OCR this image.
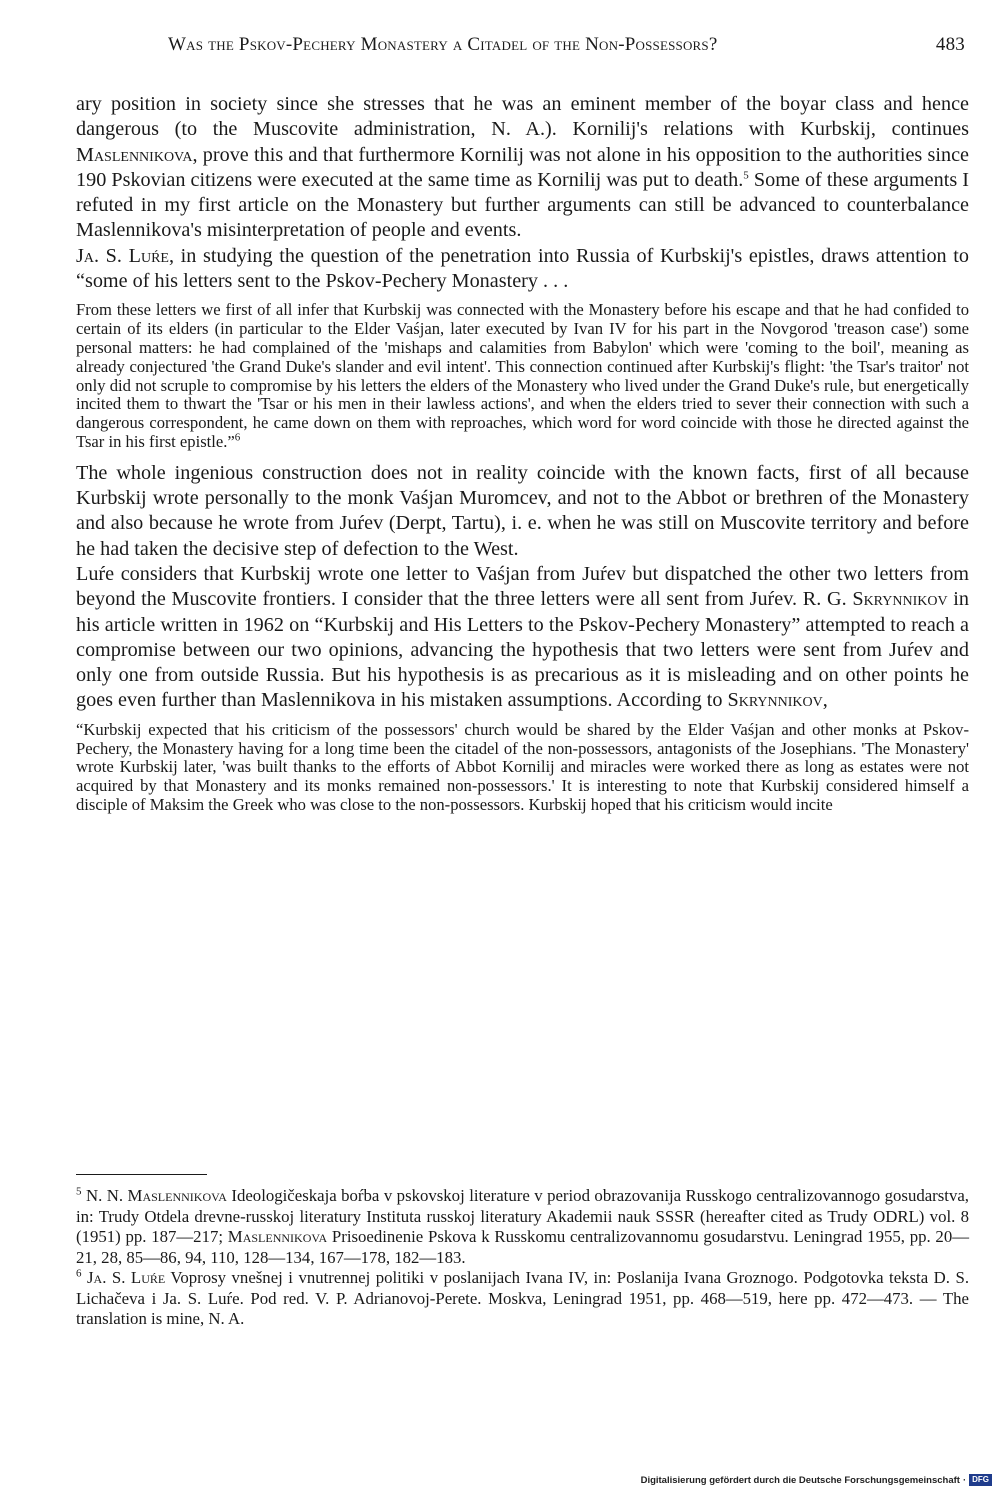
Was the Pskov-Pechery Monastery a Citadel of the Non-Possessors?	483

ary position in society since she stresses that he was an eminent member of the boyar class and hence dangerous (to the Muscovite administration, N. A.). Kornilij's relations with Kurbskij, continues Maslennikova, prove this and that furthermore Kornilij was not alone in his opposition to the authorities since 190 Pskovian citizens were executed at the same time as Kornilij was put to death.$^5$ Some of these arguments I refuted in my first article on the Monastery but further arguments can still be advanced to counterbalance Maslennikova's misinterpretation of people and events.

Ja. S. Luŕe, in studying the question of the penetration into Russia of Kurbskij's epistles, draws attention to “some of his letters sent to the Pskov-Pechery Monastery . . .

From these letters we first of all infer that Kurbskij was connected with the Monastery before his escape and that he had confided to certain of its elders (in particular to the Elder Vaśjan, later executed by Ivan IV for his part in the Novgorod 'treason case') some personal matters: he had complained of the 'mishaps and calamities from Babylon' which were 'coming to the boil', meaning as already conjectured 'the Grand Duke's slander and evil intent'. This connection continued after Kurbskij's flight: 'the Tsar's traitor' not only did not scruple to compromise by his letters the elders of the Monastery who lived under the Grand Duke's rule, but energetically incited them to thwart the 'Tsar or his men in their lawless actions', and when the elders tried to sever their connection with such a dangerous correspondent, he came down on them with reproaches, which word for word coincide with those he directed against the Tsar in his first epistle.”$^6$

The whole ingenious construction does not in reality coincide with the known facts, first of all because Kurbskij wrote personally to the monk Vaśjan Muromcev, and not to the Abbot or brethren of the Monastery and also because he wrote from Juŕev (Derpt, Tartu), i. e. when he was still on Muscovite territory and before he had taken the decisive step of defection to the West.

Luŕe considers that Kurbskij wrote one letter to Vaśjan from Juŕev but dispatched the other two letters from beyond the Muscovite frontiers. I consider that the three letters were all sent from Juŕev. R. G. Skrynnikov in his article written in 1962 on “Kurbskij and His Letters to the Pskov-Pechery Monastery” attempted to reach a compromise between our two opinions, advancing the hypothesis that two letters were sent from Juŕev and only one from outside Russia. But his hypothesis is as precarious as it is misleading and on other points he goes even further than Maslennikova in his mistaken assumptions. According to Skrynnikov,

“Kurbskij expected that his criticism of the possessors' church would be shared by the Elder Vaśjan and other monks at Pskov-Pechery, the Monastery having for a long time been the citadel of the non-possessors, antagonists of the Josephians. 'The Monastery' wrote Kurbskij later, 'was built thanks to the efforts of Abbot Kornilij and miracles were worked there as long as estates were not acquired by that Monastery and its monks remained non-possessors.' It is interesting to note that Kurbskij considered himself a disciple of Maksim the Greek who was close to the non-possessors. Kurbskij hoped that his criticism would incite

$^5$ N. N. Maslennikova Ideologičeskaja boŕba v pskovskoj literature v period obrazovanija Russkogo centralizovannogo gosudarstva, in: Trudy Otdela drevne-russkoj literatury Instituta russkoj literatury Akademii nauk SSSR (hereafter cited as Trudy ODRL) vol. 8 (1951) pp. 187—217; Maslennikova Prisoedinenie Pskova k Russkomu centralizovannomu gosudarstvu. Leningrad 1955, pp. 20—21, 28, 85—86, 94, 110, 128—134, 167—178, 182—183.

$^6$ Ja. S. Luŕe Voprosy vnešnej i vnutrennej politiki v poslanijach Ivana IV, in: Poslanija Ivana Groznogo. Podgotovka teksta D. S. Lichačeva i Ja. S. Luŕe. Pod red. V. P. Adrianovoj-Perete. Moskva, Leningrad 1951, pp. 468—519, here pp. 472—473. — The translation is mine, N. A.

Digitalisierung gefördert durch die Deutsche Forschungsgemeinschaft · DFG
